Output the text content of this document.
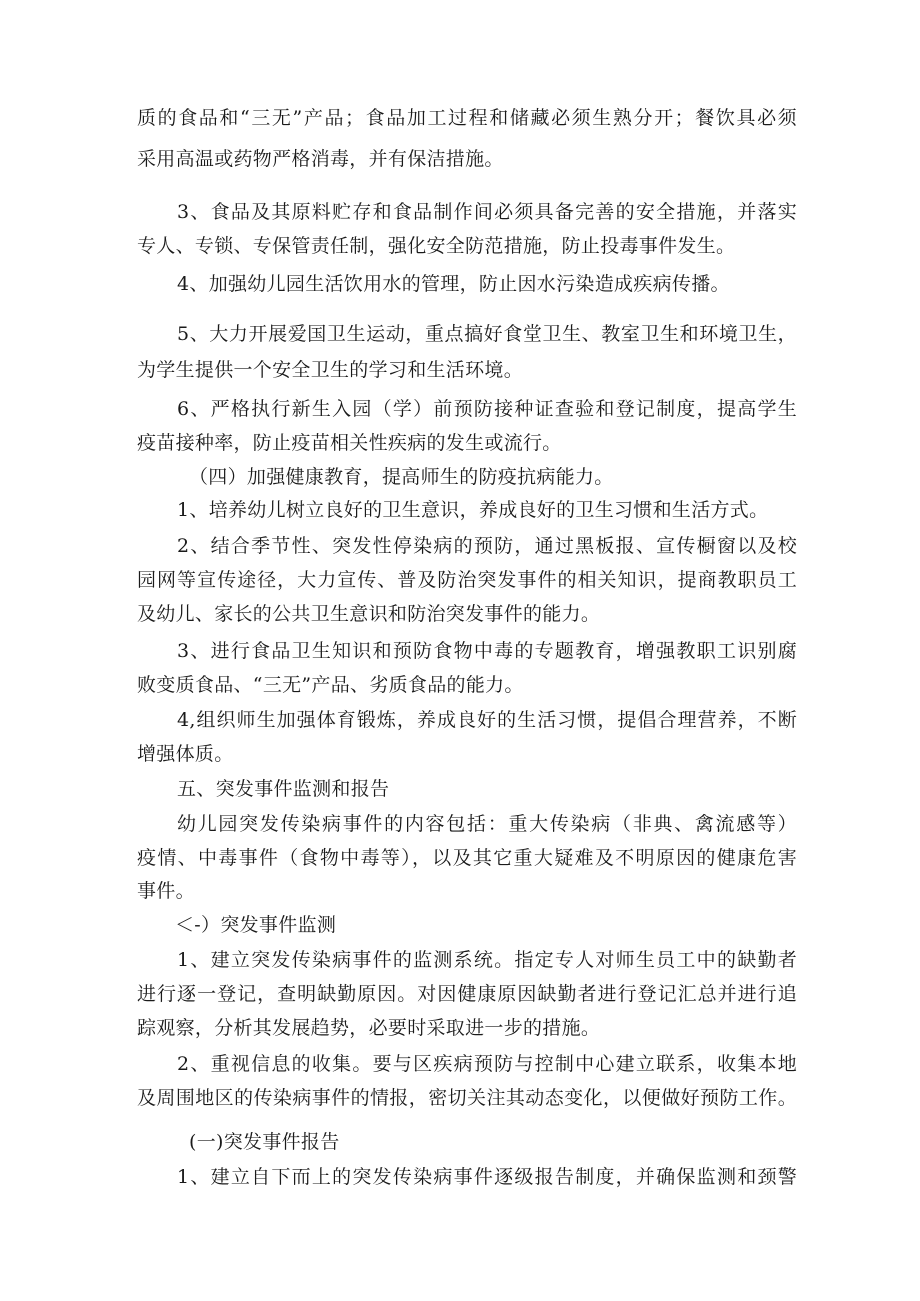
质的食品和“三无”产品；食品加工过程和储藏必须生熟分开；餐饮具必须
采用高温或药物严格消毒，并有保洁措施。
3、食品及其原料贮存和食品制作间必须具备完善的安全措施，并落实
专人、专锁、专保管责任制，强化安全防范措施，防止投毒事件发生。
4、加强幼儿园生活饮用水的管理，防止因水污染造成疾病传播。
5、大力开展爱国卫生运动，重点搞好食堂卫生、教室卫生和环境卫生，
为学生提供一个安全卫生的学习和生活环境。
6、严格执行新生入园（学）前预防接种证查验和登记制度，提高学生
疫苗接种率，防止疫苗相关性疾病的发生或流行。
（四）加强健康教育，提高师生的防疫抗病能力。
1、培养幼儿树立良好的卫生意识，养成良好的卫生习惯和生活方式。
2、结合季节性、突发性停染病的预防，通过黑板报、宣传橱窗以及校
园网等宣传途径，大力宣传、普及防治突发事件的相关知识，提商教职员工
及幼儿、家长的公共卫生意识和防治突发事件的能力。
3、进行食品卫生知识和预防食物中毒的专题教育，增强教职工识别腐
败变质食品、“三无”产品、劣质食品的能力。
4,组织师生加强体育锻炼，养成良好的生活习惯，提倡合理营养，不断
增强体质。
五、突发事件监测和报告
幼儿园突发传染病事件的内容包括：重大传染病（非典、禽流感等）
疫情、中毒事件（食物中毒等），以及其它重大疑难及不明原因的健康危害
事件。
＜-）突发事件监测
1、建立突发传染病事件的监测系统。指定专人对师生员工中的缺勤者
进行逐一登记，查明缺勤原因。对因健康原因缺勤者进行登记汇总并进行追
踪观察，分析其发展趋势，必要时采取进一步的措施。
2、重视信息的收集。要与区疾病预防与控制中心建立联系，收集本地
及周围地区的传染病事件的情报，密切关注其动态变化，以便做好预防工作。
(一)突发事件报告
1、建立自下而上的突发传染病事件逐级报告制度，并确保监测和颈警
